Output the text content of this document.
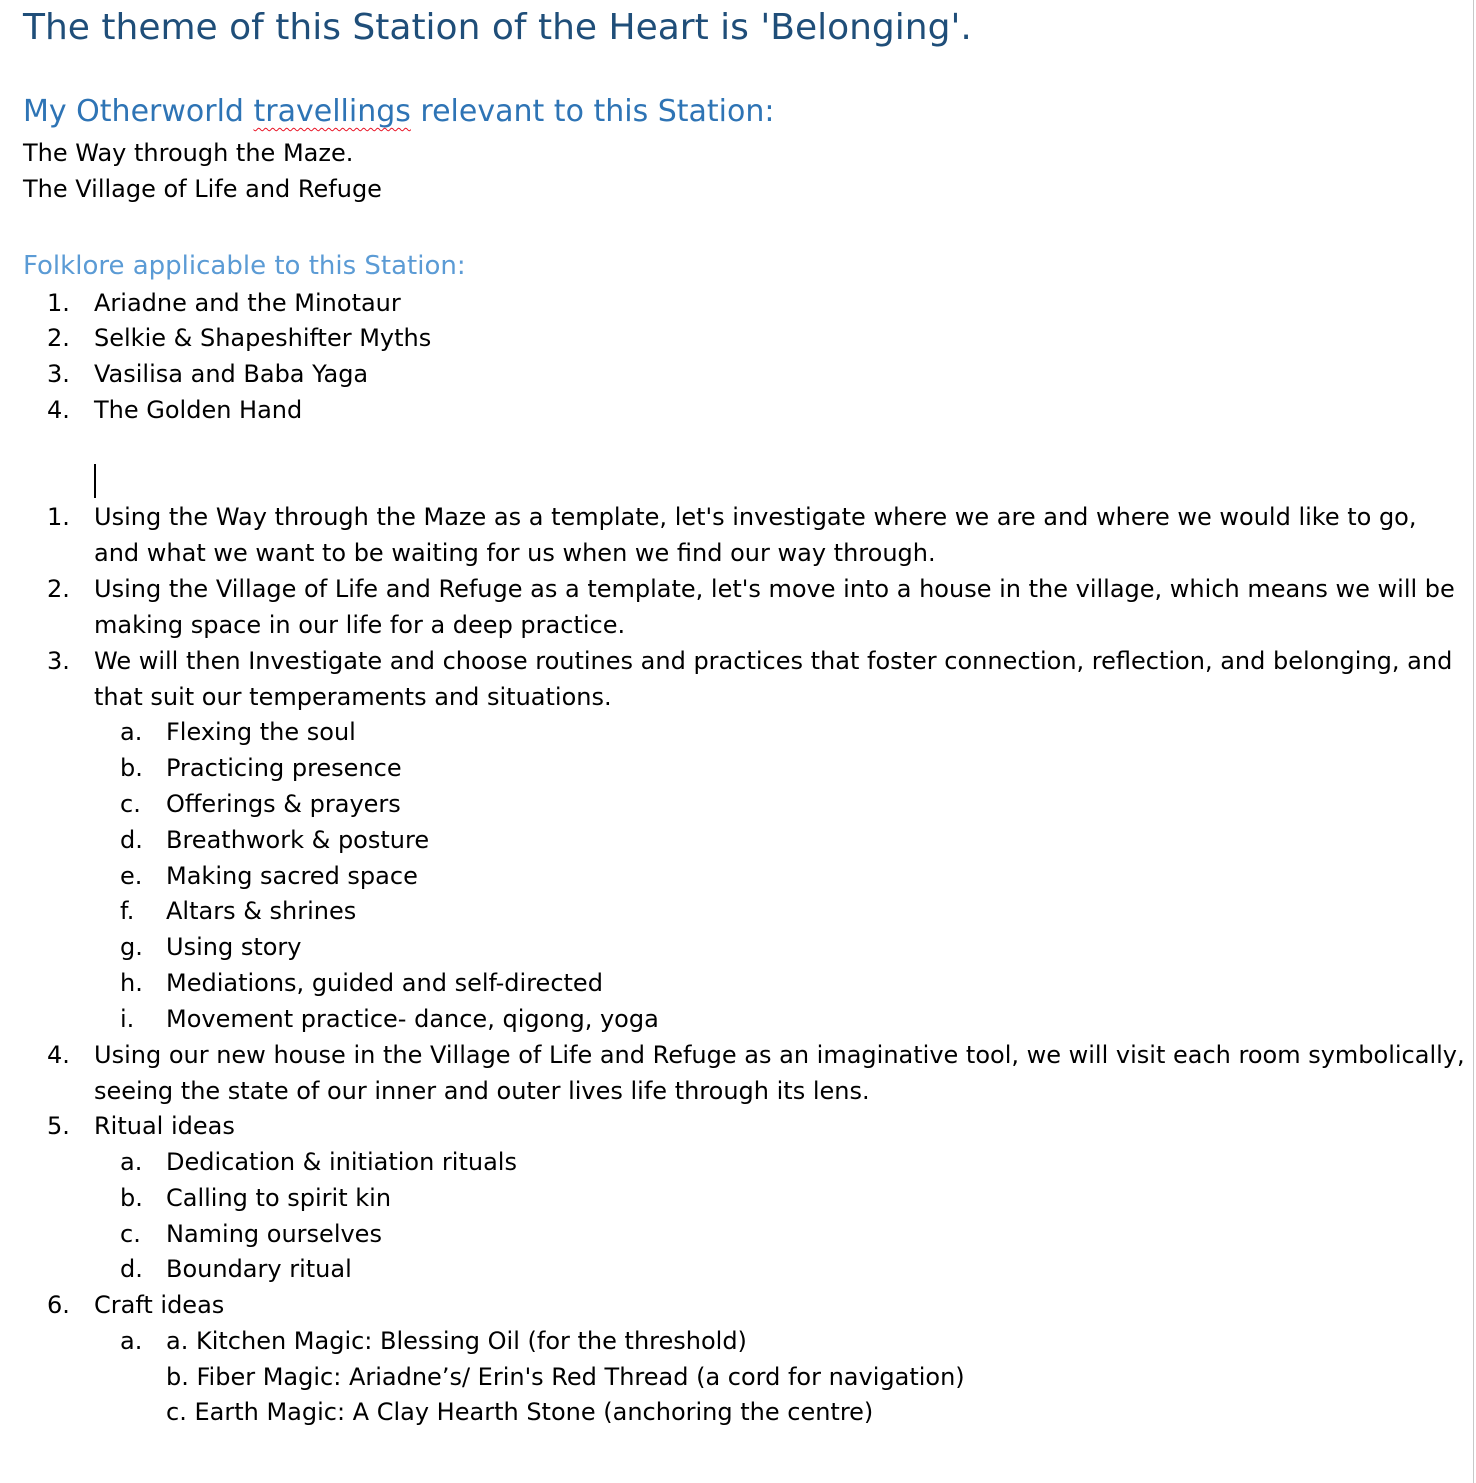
The theme of this Station of the Heart is 'Belonging'.
My Otherworld travellings relevant to this Station:
The Way through the Maze.
The Village of Life and Refuge
Folklore applicable to this Station:
1.	Ariadne and the Minotaur
2.	Selkie & Shapeshifter Myths
3.	Vasilisa and Baba Yaga
4.	The Golden Hand
1.	Using the Way through the Maze as a template, let's investigate where we are and where we would like to go, and what we want to be waiting for us when we find our way through.
2.	Using the Village of Life and Refuge as a template, let's move into a house in the village, which means we will be making space in our life for a deep practice.
3.	We will then Investigate and choose routines and practices that foster connection, reflection, and belonging, and that suit our temperaments and situations.
a. Flexing the soul
b. Practicing presence
c.	Offerings & prayers
d. Breathwork & posture
e. Making sacred space
f.	Altars & shrines
g. Using story
h. Mediations, guided and self-directed
i.	Movement practice- dance, qigong, yoga
4.	Using our new house in the Village of Life and Refuge as an imaginative tool, we will visit each room symbolically, seeing the state of our inner and outer lives life through its lens.
5.	Ritual ideas
a. Dedication & initiation rituals
b. Calling to spirit kin
c.	Naming ourselves
d. Boundary ritual
6.	Craft ideas
a. a. Kitchen Magic: Blessing Oil (for the threshold)
b. Fiber Magic: Ariadne’s/ Erin's Red Thread (a cord for navigation)
c. Earth Magic: A Clay Hearth Stone (anchoring the centre)
